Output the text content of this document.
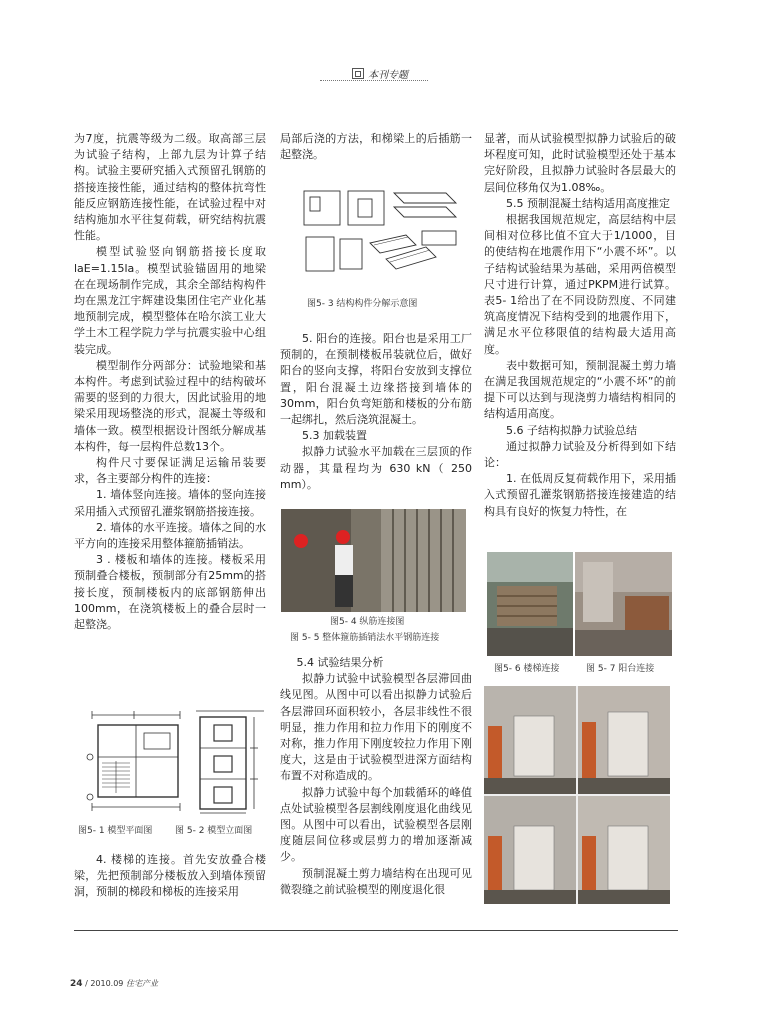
本刊专题

为7度，抗震等级为二级。取高部三层为试验子结构，上部九层为计算子结构。试验主要研究插入式预留孔钢筋的搭接连接性能，通过结构的整体抗弯性能反应钢筋连接性能，在试验过程中对结构施加水平往复荷载，研究结构抗震性能。

模型试验竖向钢筋搭接长度取laE=1.15la。模型试验锚固用的地梁在在现场制作完成，其余全部结构构件均在黑龙江宇辉建设集团住宅产业化基地预制完成，模型整体在哈尔滨工业大学土木工程学院力学与抗震实验中心组装完成。

模型制作分两部分：试验地梁和基本构件。考虑到试验过程中的结构破坏需要的竖到的力很大，因此试验用的地梁采用现场整浇的形式，混凝土等级和墙体一致。模型根据设计图纸分解成基本构件，每一层构件总数13个。

构件尺寸要保证满足运输吊装要求，各主要部分构件的连接：

1. 墙体竖向连接。墙体的竖向连接采用插入式预留孔灌浆钢筋搭接连接。

2. 墙体的水平连接。墙体之间的水平方向的连接采用整体箍筋插销法。

3 . 楼板和墙体的连接。楼板采用预制叠合楼板，预制部分有25mm的搭接长度，预制楼板内的底部钢筋伸出100mm，在浇筑楼板上的叠合层时一起整浇。

图5- 1 模型平面图	图 5- 2 模型立面图

4. 楼梯的连接。首先安放叠合楼梁，先把预制部分楼板放入到墙体预留洞，预制的梯段和梯板的连接采用

局部后浇的方法，和梯梁上的后插筋一起整浇。

图5- 3 结构构件分解示意图

5. 阳台的连接。阳台也是采用工厂预制的，在预制楼板吊装就位后，做好阳台的竖向支撑，将阳台安放到支撑位置，阳台混凝土边缘搭接到墙体的30mm，阳台负弯矩筋和楼板的分布筋一起绑扎，然后浇筑混凝土。

5.3 加载装置

拟静力试验水平加载在三层顶的作动器，其量程均为 630 kN（ 250 mm）。

图5- 4 纵筋连接图
图 5- 5 整体箍筋插销法水平钢筋连接

5.4 试验结果分析

拟静力试验中试验模型各层滞回曲线见图。从图中可以看出拟静力试验后各层滞回环面积较小，各层非线性不很明显，推力作用和拉力作用下的刚度不对称，推力作用下刚度较拉力作用下刚度大，这是由于试验模型进深方面结构布置不对称造成的。

拟静力试验中每个加载循环的峰值点处试验模型各层割线刚度退化曲线见图。从图中可以看出，试验模型各层刚度随层间位移或层剪力的增加逐渐减少。

预制混凝土剪力墙结构在出现可见微裂缝之前试验模型的刚度退化很

显著，而从试验模型拟静力试验后的破坏程度可知，此时试验模型还处于基本完好阶段，且拟静力试验时各层最大的层间位移角仅为1.08‰。

5.5 预制混凝土结构适用高度推定

根据我国规范规定，高层结构中层间相对位移比值不宜大于1/1000，目的使结构在地震作用下“小震不坏”。以子结构试验结果为基础，采用两倍模型尺寸进行计算，通过PKPM进行试算。表5- 1给出了在不同设防烈度、不同建筑高度情况下结构受到的地震作用下，满足水平位移限值的结构最大适用高度。

表中数据可知，预制混凝土剪力墙在满足我国规范规定的“小震不坏”的前提下可以达到与现浇剪力墙结构相同的结构适用高度。

5.6 子结构拟静力试验总结

通过拟静力试验及分析得到如下结论：

1. 在低周反复荷载作用下，采用插入式预留孔灌浆钢筋搭接连接建造的结构具有良好的恢复力特性，在

图5- 6 楼梯连接	图 5- 7 阳台连接
24 / 2010.09 住宅产业
